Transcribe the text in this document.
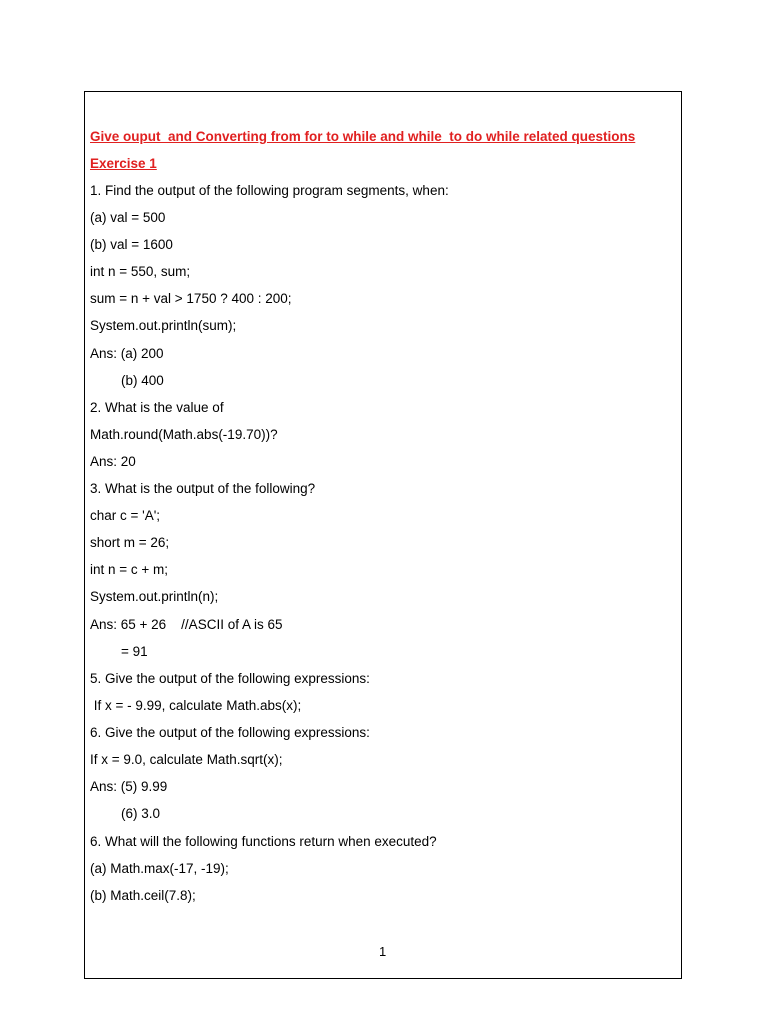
Give ouput  and Converting from for to while and while  to do while related questions
Exercise 1
1. Find the output of the following program segments, when:
(a) val = 500
(b) val = 1600
int n = 550, sum;
sum = n + val > 1750 ? 400 : 200;
System.out.println(sum);
Ans: (a) 200
(b) 400
2. What is the value of
Math.round(Math.abs(-19.70))?
Ans: 20
3. What is the output of the following?
char c = 'A';
short m = 26;
int n = c + m;
System.out.println(n);
Ans: 65 + 26    //ASCII of A is 65
= 91
5. Give the output of the following expressions:
If x = - 9.99, calculate Math.abs(x);
6. Give the output of the following expressions:
If x = 9.0, calculate Math.sqrt(x);
Ans: (5) 9.99
(6) 3.0
6. What will the following functions return when executed?
(a) Math.max(-17, -19);
(b) Math.ceil(7.8);
1
